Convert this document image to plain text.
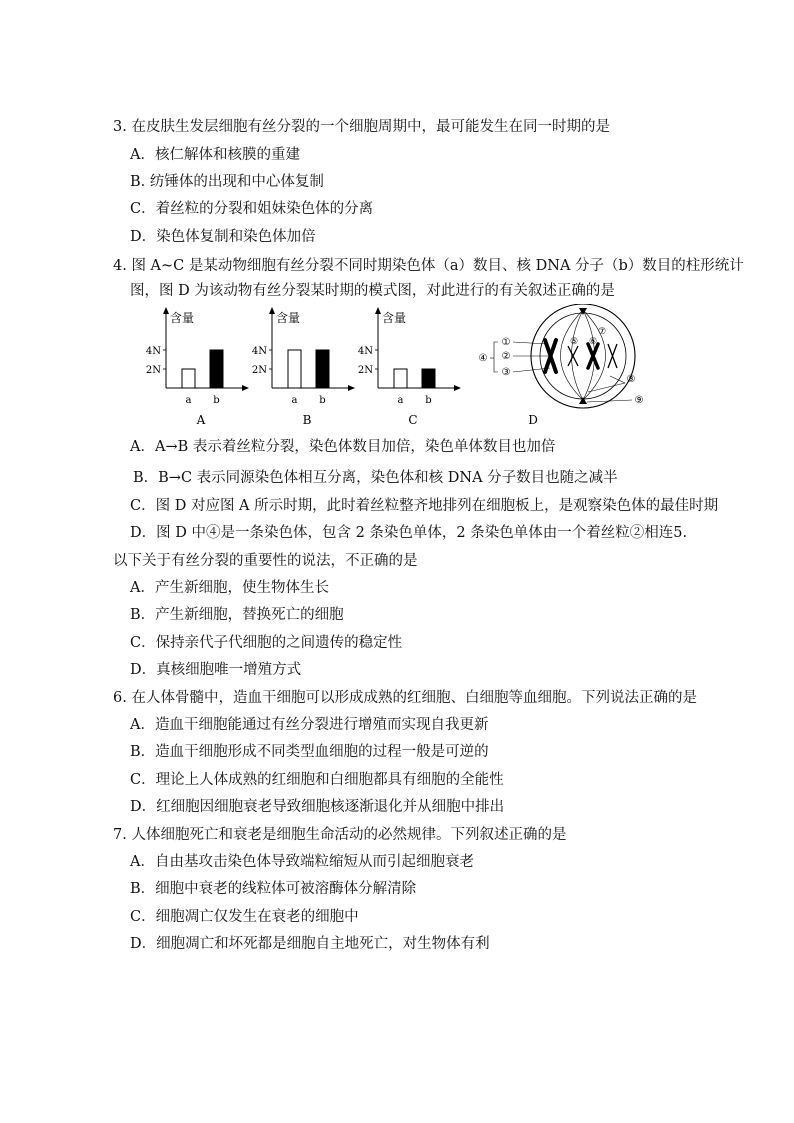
3. 在皮肤生发层细胞有丝分裂的一个细胞周期中，最可能发生在同一时期的是
A．核仁解体和核膜的重建
B. 纺锤体的出现和中心体复制
C．着丝粒的分裂和姐妹染色体的分离
D．染色体复制和染色体加倍
4. 图 A~C 是某动物细胞有丝分裂不同时期染色体（a）数目、核 DNA 分子（b）数目的柱形统计
图，图 D 为该动物有丝分裂某时期的模式图，对此进行的有关叙述正确的是
①
②
③
④
⑤ ⑥
⑦
⑧
⑨
D
含量
2N
4N
a b
A
含量
2N
4N
a b
B
含量
2N
4N
a b
C
A．A→B 表示着丝粒分裂，染色体数目加倍，染色单体数目也加倍
B．B→C 表示同源染色体相互分离，染色体和核 DNA 分子数目也随之减半
C．图 D 对应图 A 所示时期，此时着丝粒整齐地排列在细胞板上，是观察染色体的最佳时期
D．图 D 中④是一条染色体，包含 2 条染色单体，2 条染色单体由一个着丝粒②相连5.
以下关于有丝分裂的重要性的说法，不正确的是
A．产生新细胞，使生物体生长
B．产生新细胞，替换死亡的细胞
C．保持亲代子代细胞的之间遗传的稳定性
D．真核细胞唯一增殖方式
6. 在人体骨髓中，造血干细胞可以形成成熟的红细胞、白细胞等血细胞。下列说法正确的是
A．造血干细胞能通过有丝分裂进行增殖而实现自我更新
B．造血干细胞形成不同类型血细胞的过程一般是可逆的
C．理论上人体成熟的红细胞和白细胞都具有细胞的全能性
D．红细胞因细胞衰老导致细胞核逐渐退化并从细胞中排出
7. 人体细胞死亡和衰老是细胞生命活动的必然规律。下列叙述正确的是
A．自由基攻击染色体导致端粒缩短从而引起细胞衰老
B．细胞中衰老的线粒体可被溶酶体分解清除
C．细胞凋亡仅发生在衰老的细胞中
D．细胞凋亡和坏死都是细胞自主地死亡，对生物体有利
